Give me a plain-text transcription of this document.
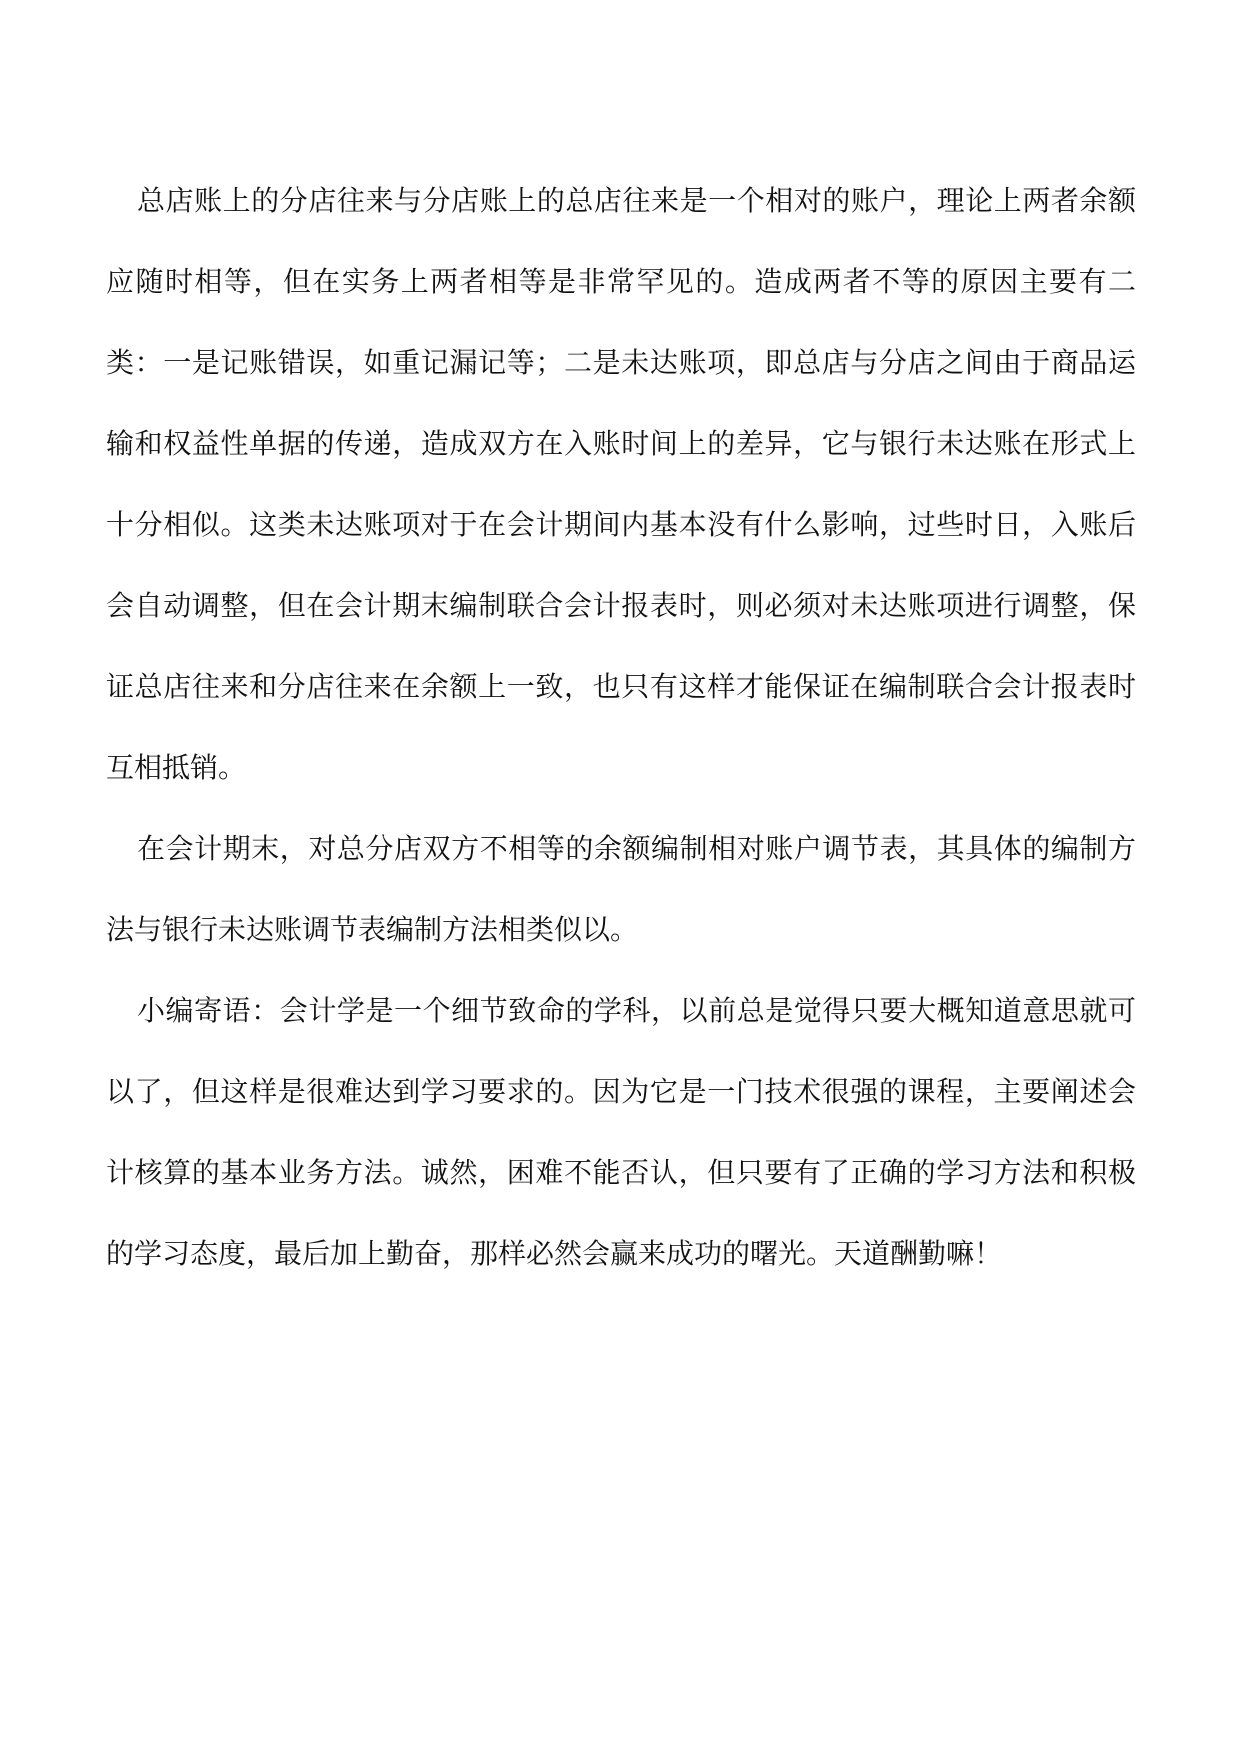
总店账上的分店往来与分店账上的总店往来是一个相对的账户，理论上两者余额应随时相等，但在实务上两者相等是非常罕见的。造成两者不等的原因主要有二类：一是记账错误，如重记漏记等；二是未达账项，即总店与分店之间由于商品运输和权益性单据的传递，造成双方在入账时间上的差异，它与银行未达账在形式上十分相似。这类未达账项对于在会计期间内基本没有什么影响，过些时日，入账后会自动调整，但在会计期末编制联合会计报表时，则必须对未达账项进行调整，保证总店往来和分店往来在余额上一致，也只有这样才能保证在编制联合会计报表时互相抵销。

在会计期末，对总分店双方不相等的余额编制相对账户调节表，其具体的编制方法与银行未达账调节表编制方法相类似以。

小编寄语：会计学是一个细节致命的学科，以前总是觉得只要大概知道意思就可以了，但这样是很难达到学习要求的。因为它是一门技术很强的课程，主要阐述会计核算的基本业务方法。诚然，困难不能否认，但只要有了正确的学习方法和积极的学习态度，最后加上勤奋，那样必然会赢来成功的曙光。天道酬勤嘛！
